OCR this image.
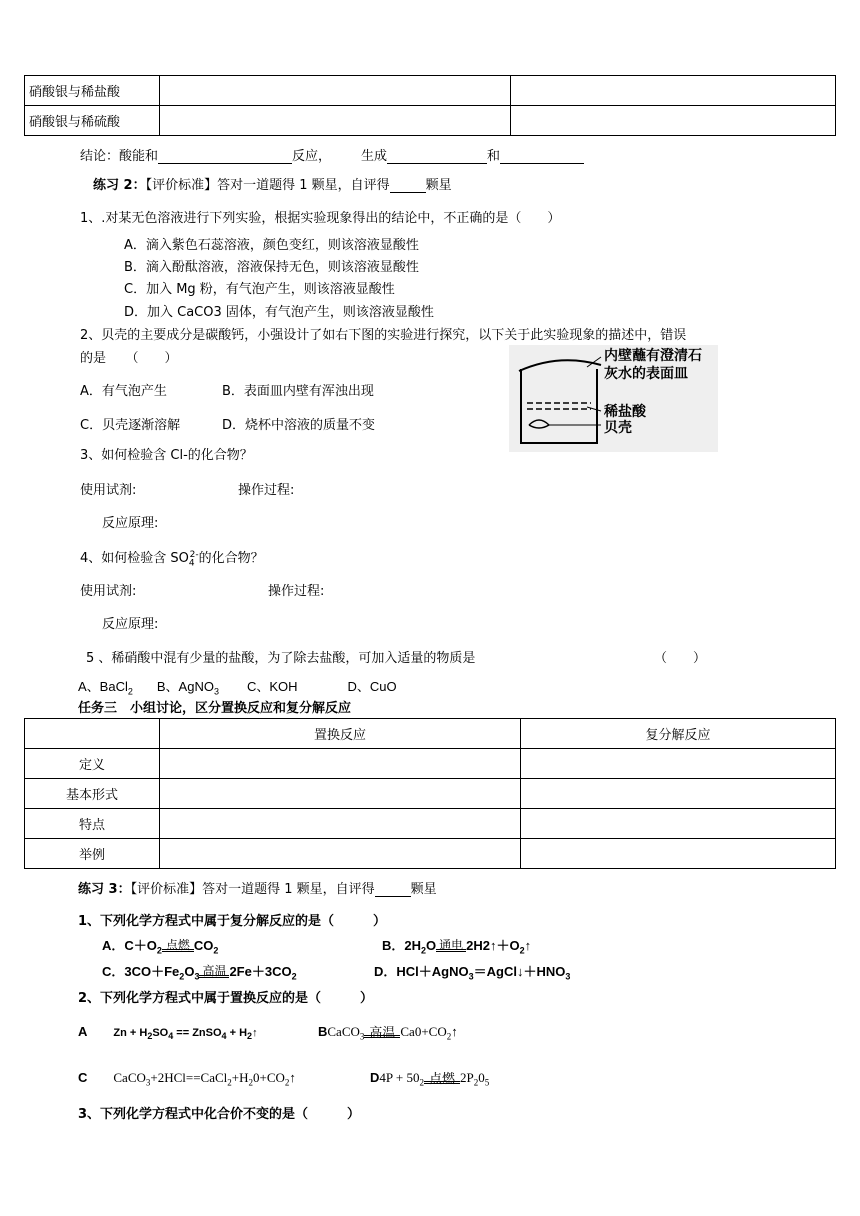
硝酸银与稀盐酸		
硝酸银与稀硫酸		
结论：酸能和	反应， 生成	和
练习 2：【评价标准】答对一道题得 1 颗星，自评得	颗星
1、.对某无色溶液进行下列实验，根据实验现象得出的结论中，不正确的是（　　）
A．滴入紫色石蕊溶液，颜色变红，则该溶液显酸性
B．滴入酚酞溶液，溶液保持无色，则该溶液显酸性
C．加入 Mg 粉，有气泡产生，则该溶液显酸性
D．加入 CaCO3 固体，有气泡产生，则该溶液显酸性
2、贝壳的主要成分是碳酸钙，小强设计了如右下图的实验进行探究，以下关于此实验现象的描述中，错误
的是　　（　　）	内壁蘸有澄清石
灰水的表面皿
稀盐酸
贝壳
A．有气泡产生	B．表面皿内壁有浑浊出现
C．贝壳逐渐溶解	D．烧杯中溶液的质量不变
3、如何检验含 Cl-的化合物？
使用试剂:	操作过程:
反应原理:
4、如何检验含 $SO_4^{2-}$的化合物？
使用试剂:	操作过程:
反应原理:
5 、稀硝酸中混有少量的盐酸，为了除去盐酸，可加入适量的物质是	（　　）
A、BaCl$_2$ B、AgNO$_3$ C、KOH	D、CuO
任务三　小组讨论，区分置换反应和复分解反应
	置换反应	复分解反应
定义		
基本形式		
特点		
举例		
练习 3：【评价标准】答对一道题得 1 颗星，自评得	颗星
1、下列化学方程式中属于复分解反应的是（　　　）
A．$C+O_2$ 点燃 $CO_2$	B．$2H_2O$ 通电 $2H2↑+O_2↑$
C．$3CO+Fe_2O_3$ 高温 $2Fe+3CO_2$	D．$HCl+AgNO_3=AgCl↓+HNO_3$
2、下列化学方程式中属于置换反应的是（　　　）
A $Zn + H_2SO_4$ == ZnSO$_4$ + $H_2↑$	BCaCO$_3$ 高温 $Ca0+CO_2↑$
C $CaCO_3+2HCl==CaCl_2+H_20+CO_2↑$	$D4P + 50_2$ 点燃 $2P_20_5$
3、下列化学方程式中化合价不变的是（　　　）
